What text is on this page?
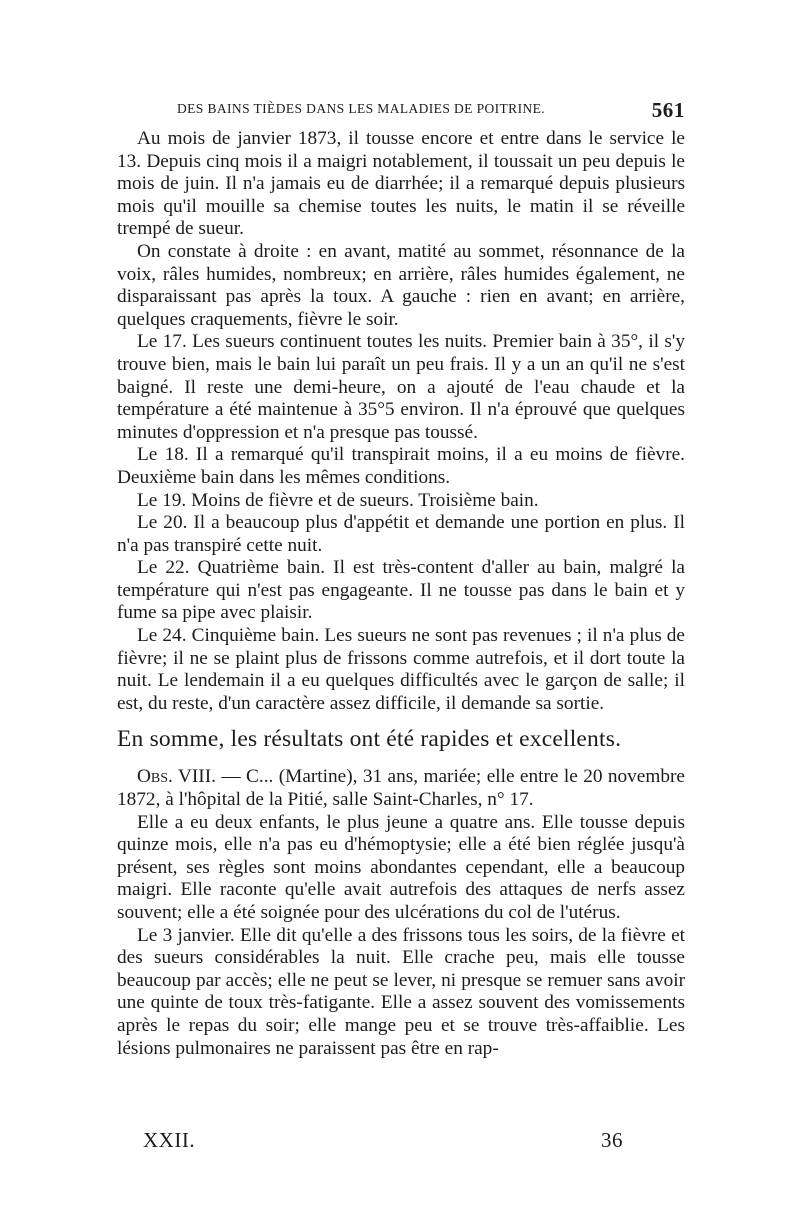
DES BAINS TIÈDES DANS LES MALADIES DE POITRINE.	561

Au mois de janvier 1873, il tousse encore et entre dans le service le 13. Depuis cinq mois il a maigri notablement, il toussait un peu depuis le mois de juin. Il n'a jamais eu de diarrhée; il a remarqué depuis plusieurs mois qu'il mouille sa chemise toutes les nuits, le matin il se réveille trempé de sueur.

On constate à droite : en avant, matité au sommet, résonnance de la voix, râles humides, nombreux; en arrière, râles humides également, ne disparaissant pas après la toux. A gauche : rien en avant; en arrière, quelques craquements, fièvre le soir.

Le 17. Les sueurs continuent toutes les nuits. Premier bain à 35°, il s'y trouve bien, mais le bain lui paraît un peu frais. Il y a un an qu'il ne s'est baigné. Il reste une demi-heure, on a ajouté de l'eau chaude et la température a été maintenue à 35°5 environ. Il n'a éprouvé que quelques minutes d'oppression et n'a presque pas toussé.

Le 18. Il a remarqué qu'il transpirait moins, il a eu moins de fièvre. Deuxième bain dans les mêmes conditions.

Le 19. Moins de fièvre et de sueurs. Troisième bain.

Le 20. Il a beaucoup plus d'appétit et demande une portion en plus. Il n'a pas transpiré cette nuit.

Le 22. Quatrième bain. Il est très-content d'aller au bain, malgré la température qui n'est pas engageante. Il ne tousse pas dans le bain et y fume sa pipe avec plaisir.

Le 24. Cinquième bain. Les sueurs ne sont pas revenues ; il n'a plus de fièvre; il ne se plaint plus de frissons comme autrefois, et il dort toute la nuit. Le lendemain il a eu quelques difficultés avec le garçon de salle; il est, du reste, d'un caractère assez difficile, il demande sa sortie.

En somme, les résultats ont été rapides et excellents.

Obs. VIII. — C... (Martine), 31 ans, mariée; elle entre le 20 novembre 1872, à l'hôpital de la Pitié, salle Saint-Charles, n° 17.

Elle a eu deux enfants, le plus jeune a quatre ans. Elle tousse depuis quinze mois, elle n'a pas eu d'hémoptysie; elle a été bien réglée jusqu'à présent, ses règles sont moins abondantes cependant, elle a beaucoup maigri. Elle raconte qu'elle avait autrefois des attaques de nerfs assez souvent; elle a été soignée pour des ulcérations du col de l'utérus.

Le 3 janvier. Elle dit qu'elle a des frissons tous les soirs, de la fièvre et des sueurs considérables la nuit. Elle crache peu, mais elle tousse beaucoup par accès; elle ne peut se lever, ni presque se remuer sans avoir une quinte de toux très-fatigante. Elle a assez souvent des vomissements après le repas du soir; elle mange peu et se trouve très-affaiblie. Les lésions pulmonaires ne paraissent pas être en rap-

XXII.	36
